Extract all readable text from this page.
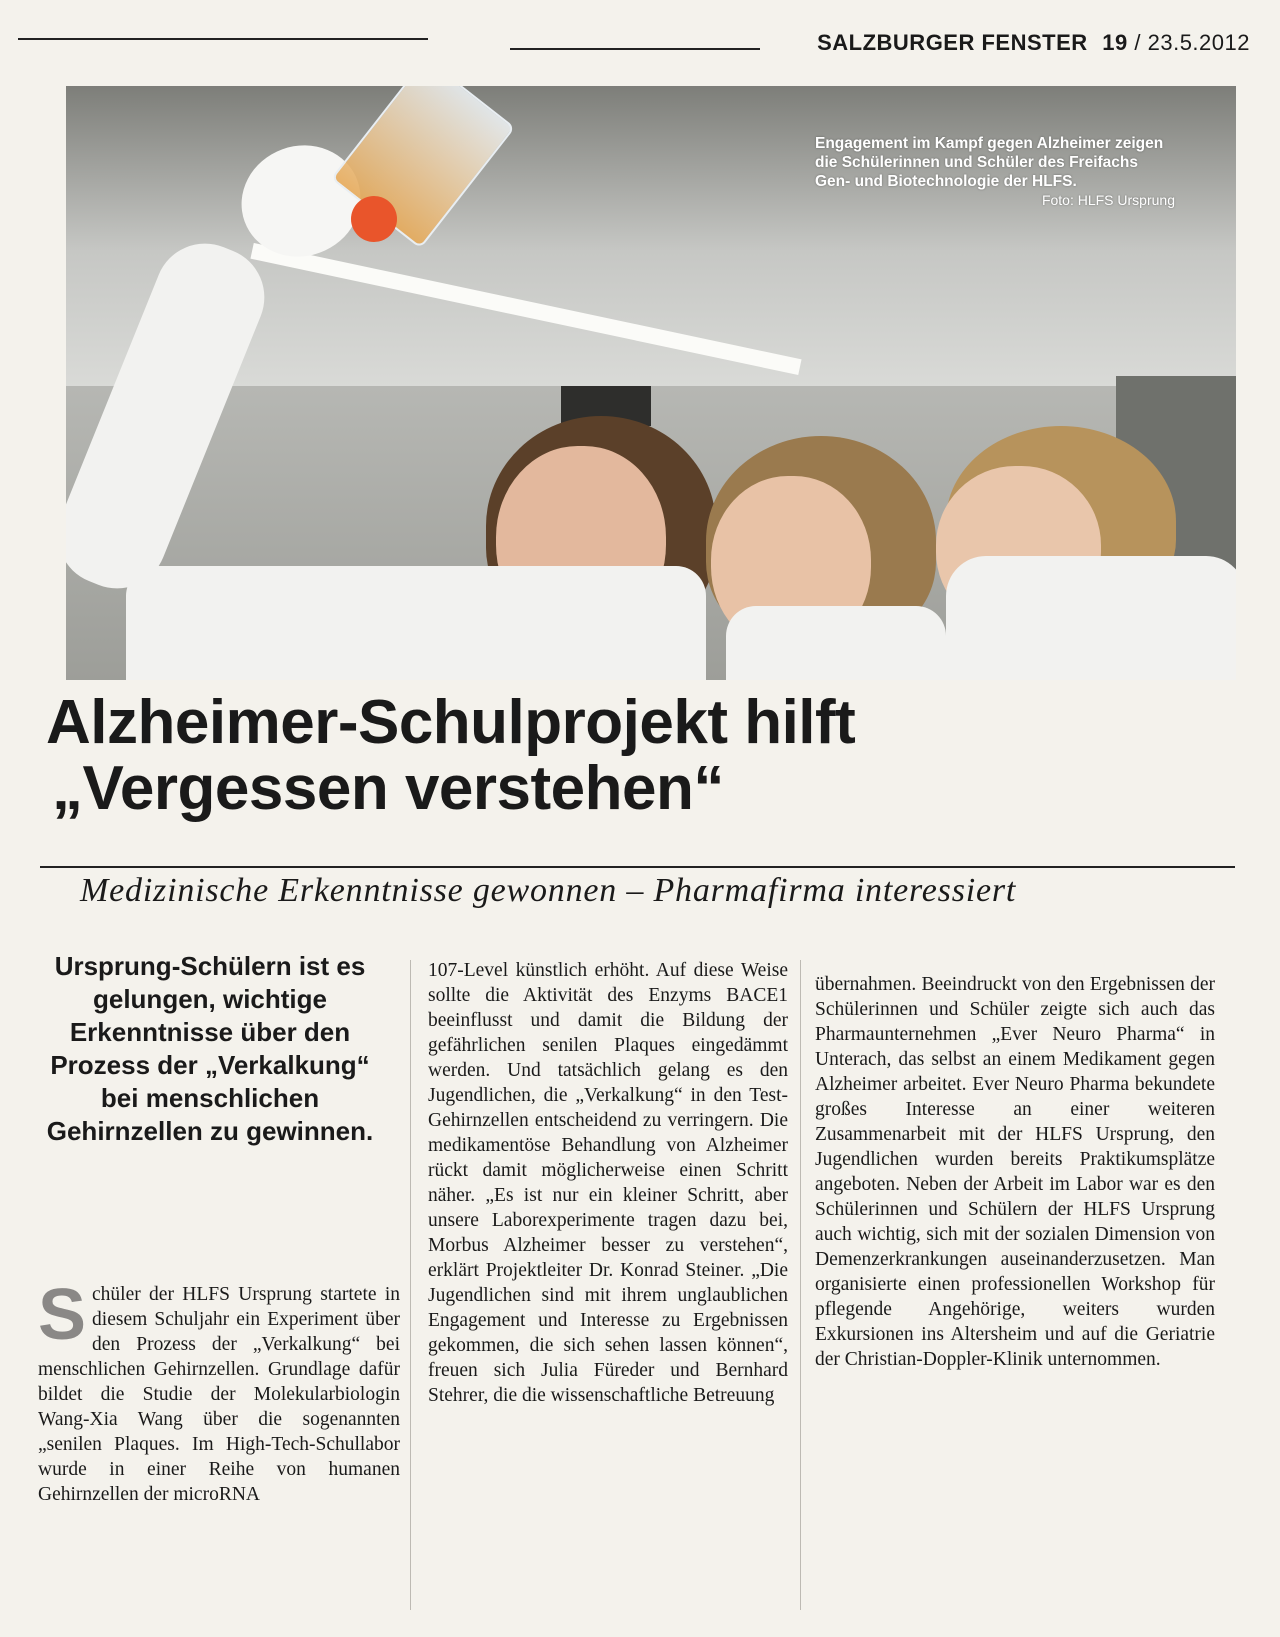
SALZBURGER FENSTER 19 / 23.5.2012
Engagement im Kampf gegen Alzheimer zeigen die Schülerinnen und Schüler des Freifachs Gen- und Biotechnologie der HLFS.
Foto: HLFS Ursprung
Alzheimer-Schulprojekt hilft
„Vergessen verstehen“
Medizinische Erkenntnisse gewonnen – Pharmafirma interessiert
Ursprung-Schülern ist es gelungen, wichtige Erkenntnisse über den Prozess der „Verkalkung“ bei menschlichen Gehirnzellen zu gewinnen.
Schüler der HLFS Ursprung startete in diesem Schuljahr ein Experiment über den Prozess der „Verkalkung“ bei menschlichen Gehirnzellen. Grundlage dafür bildet die Studie der Molekularbiologin Wang-Xia Wang über die sogenannten „senilen Plaques. Im High-Tech-Schullabor wurde in einer Reihe von humanen Gehirnzellen der microRNA
107-Level künstlich erhöht. Auf diese Weise sollte die Aktivität des Enzyms BACE1 beeinflusst und damit die Bildung der gefährlichen senilen Plaques eingedämmt werden. Und tatsächlich gelang es den Jugendlichen, die „Verkalkung“ in den Test-Gehirnzellen entscheidend zu verringern. Die medikamentöse Behandlung von Alzheimer rückt damit möglicherweise einen Schritt näher. „Es ist nur ein kleiner Schritt, aber unsere Laborexperimente tragen dazu bei, Morbus Alzheimer besser zu verstehen“, erklärt Projektleiter Dr. Konrad Steiner. „Die Jugendlichen sind mit ihrem unglaublichen Engagement und Interesse zu Ergebnissen gekommen, die sich sehen lassen können“, freuen sich Julia Füreder und Bernhard Stehrer, die die wissenschaftliche Betreuung
übernahmen. Beeindruckt von den Ergebnissen der Schülerinnen und Schüler zeigte sich auch das Pharmaunternehmen „Ever Neuro Pharma“ in Unterach, das selbst an einem Medikament gegen Alzheimer arbeitet. Ever Neuro Pharma bekundete großes Interesse an einer weiteren Zusammenarbeit mit der HLFS Ursprung, den Jugendlichen wurden bereits Praktikumsplätze angeboten. Neben der Arbeit im Labor war es den Schülerinnen und Schülern der HLFS Ursprung auch wichtig, sich mit der sozialen Dimension von Demenzerkrankungen auseinanderzusetzen. Man organisierte einen professionellen Workshop für pflegende Angehörige, weiters wurden Exkursionen ins Altersheim und auf die Geriatrie der Christian-Doppler-Klinik unternommen.
